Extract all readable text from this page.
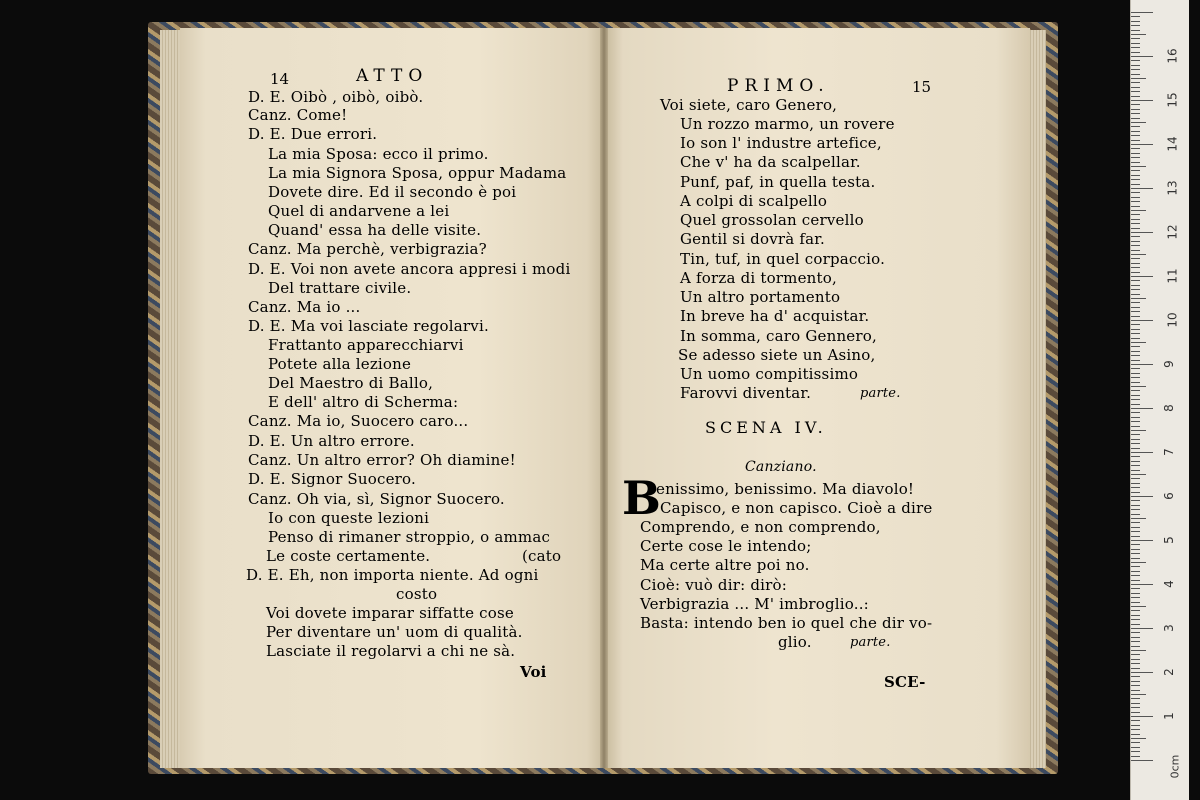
14	ATTO
D. E. Oibò , oibò, oibò.
Canz. Come!
D. E. Due errori.
La mia Sposa: ecco il primo.
La mia Signora Sposa, oppur Madama
Dovete dire. Ed il secondo è poi
Quel di andarvene a lei
Quand' essa ha delle visite.
Canz. Ma perchè, verbigrazia?
D. E. Voi non avete ancora appresi i modi
Del trattare civile.
Canz. Ma io ...
D. E. Ma voi lasciate regolarvi.
Frattanto apparecchiarvi
Potete alla lezione
Del Maestro di Ballo,
E dell' altro di Scherma:
Canz. Ma io, Suocero caro...
D. E. Un altro errore.
Canz. Un altro error? Oh diamine!
D. E. Signor Suocero.
Canz. Oh via, sì, Signor Suocero.
Io con queste lezioni
Penso di rimaner stroppio, o ammac
Le coste certamente.	(cato
D. E. Eh, non importa niente. Ad ogni
costo
Voi dovete imparar siffatte cose
Per diventare un' uom di qualità.
Lasciate il regolarvi a chi ne sà.
Voi
PRIMO.	15
Voi siete, caro Genero,
Un rozzo marmo, un rovere
Io son l' industre artefice,
Che v' ha da scalpellar.
Punf, paf, in quella testa.
A colpi di scalpello
Quel grossolan cervello
Gentil si dovrà far.
Tin, tuf, in quel corpaccio.
A forza di tormento,
Un altro portamento
In breve ha d' acquistar.
In somma, caro Gennero,
Se adesso siete un Asino,
Un uomo compitissimo
Farovvi diventar.	parte.
SCENA IV.
Canziano.
B
enissimo, benissimo. Ma diavolo!
Capisco, e non capisco. Cioè a dire
Comprendo, e non comprendo,
Certe cose le intendo;
Ma certe altre poi no.
Cioè: vuò dir: dirò:
Verbigrazia ... M' imbroglio..:
Basta: intendo ben io quel che dir vo-
glio.	parte.
SCE-
16
15
14
13
12
11
10
9
8
7
6
5
4
3
2
1
0cm
